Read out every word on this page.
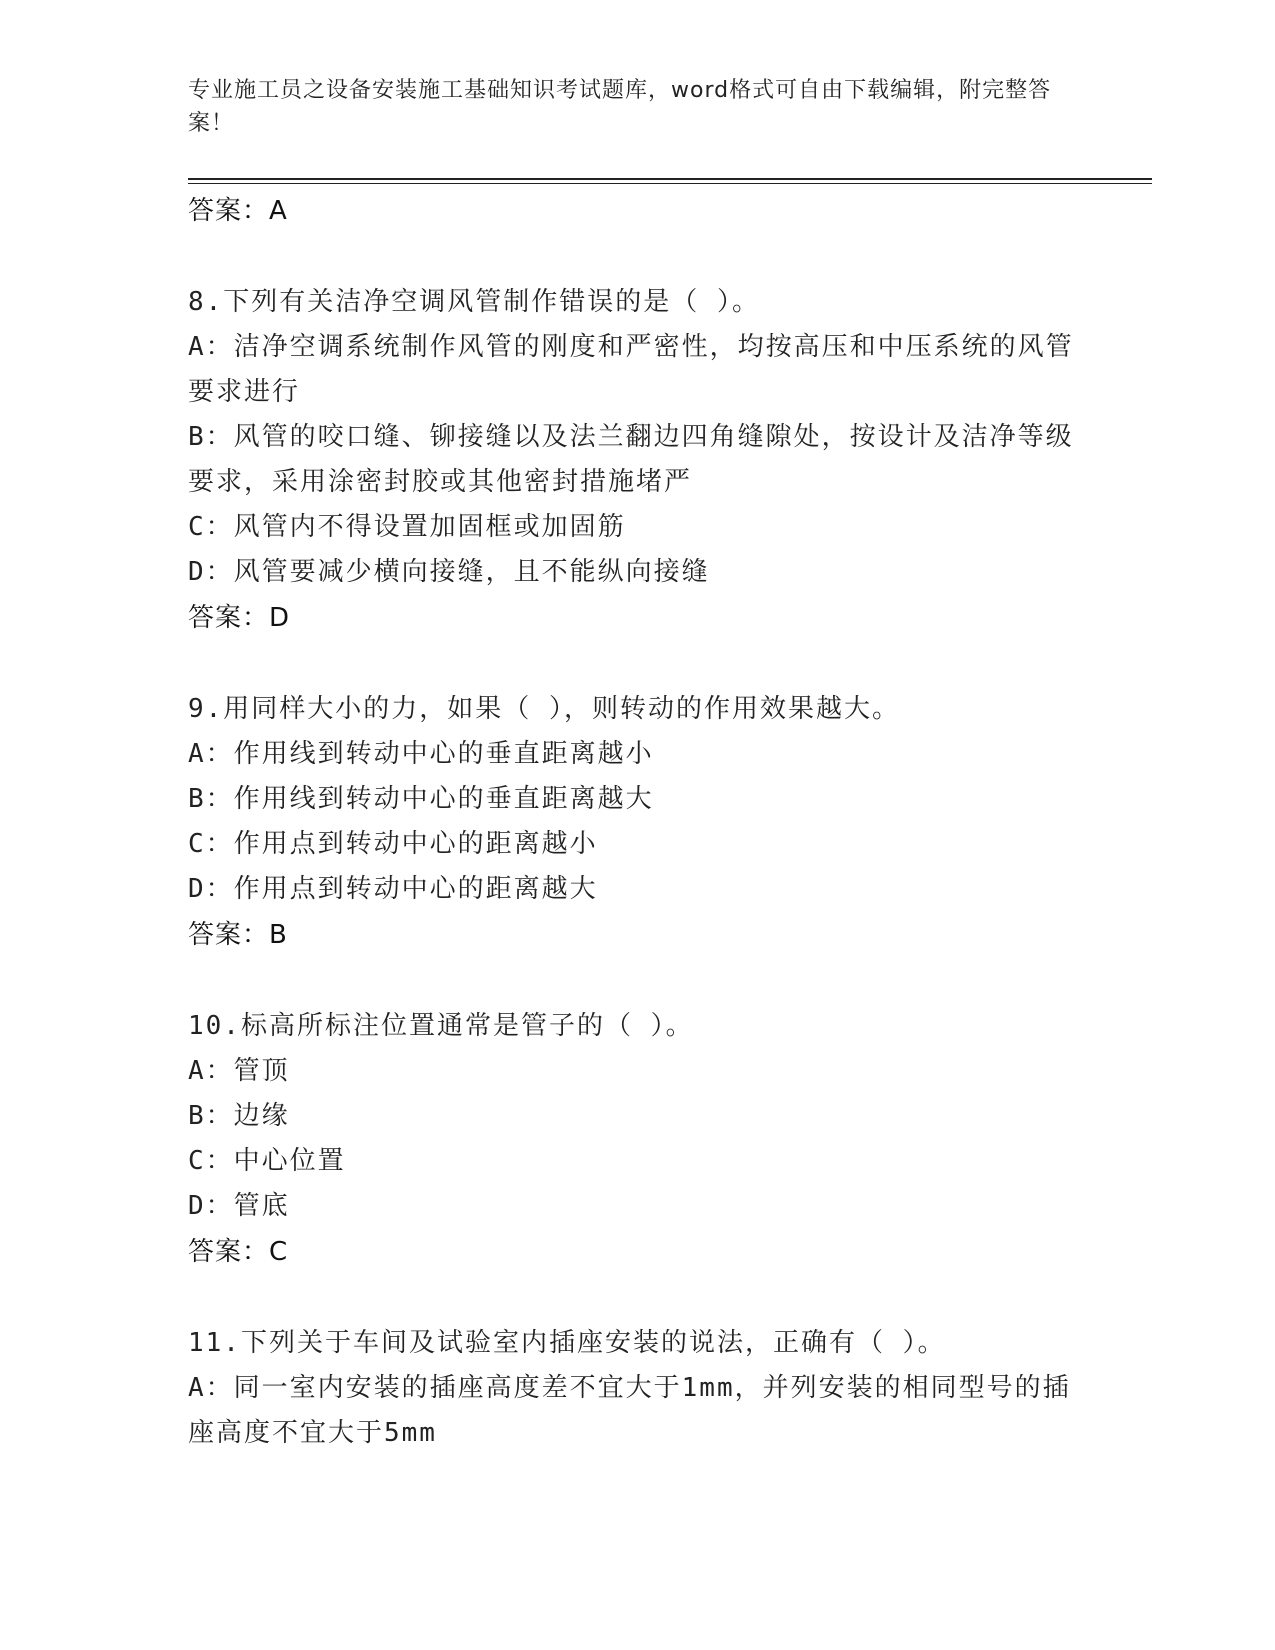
专业施工员之设备安装施工基础知识考试题库，word格式可自由下载编辑，附完整答案！

答案：A

8.下列有关洁净空调风管制作错误的是（ ）。

A：洁净空调系统制作风管的刚度和严密性，均按高压和中压系统的风管要求进行

B：风管的咬口缝、铆接缝以及法兰翻边四角缝隙处，按设计及洁净等级要求，采用涂密封胶或其他密封措施堵严

C：风管内不得设置加固框或加固筋

D：风管要减少横向接缝，且不能纵向接缝

答案：D

9.用同样大小的力，如果（ ），则转动的作用效果越大。

A：作用线到转动中心的垂直距离越小

B：作用线到转动中心的垂直距离越大

C：作用点到转动中心的距离越小

D：作用点到转动中心的距离越大

答案：B

10.标高所标注位置通常是管子的（ ）。

A：管顶

B：边缘

C：中心位置

D：管底

答案：C

11.下列关于车间及试验室内插座安装的说法，正确有（ ）。

A：同一室内安装的插座高度差不宜大于1mm，并列安装的相同型号的插座高度不宜大于5mm
